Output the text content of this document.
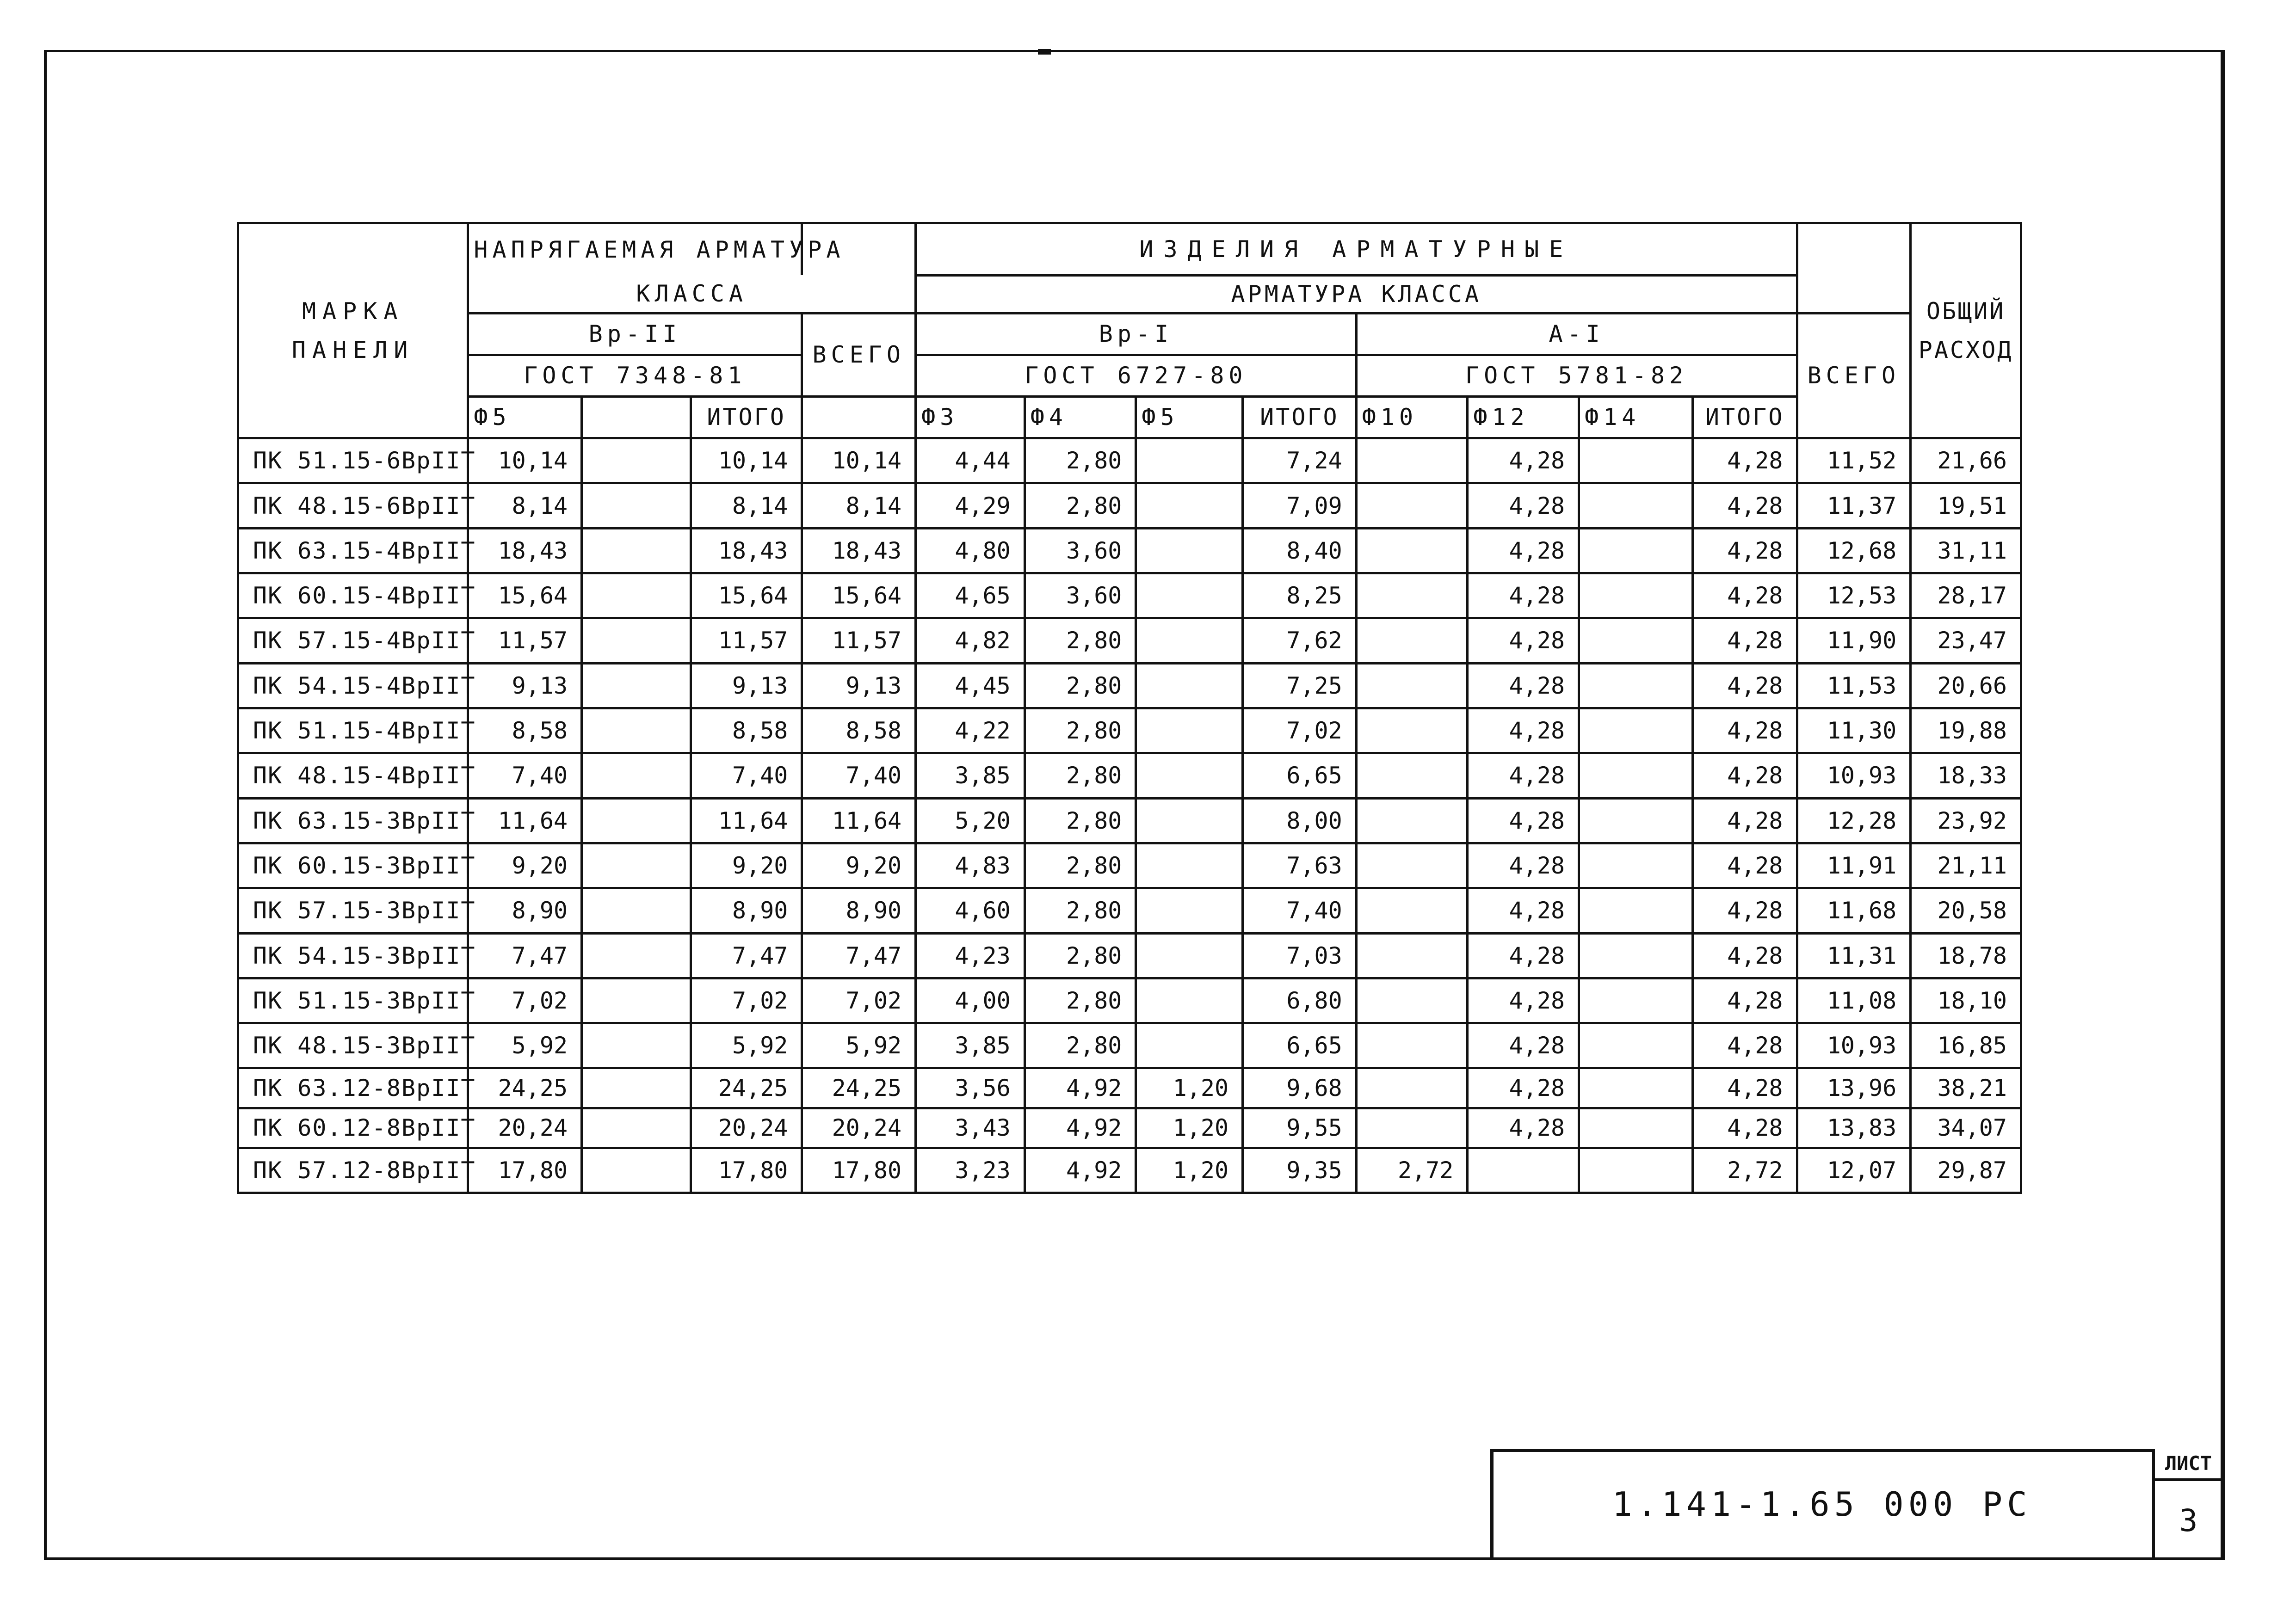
МАРКА ПАНЕЛИ	НАПРЯГАЕМАЯ АРМАТУРА				ИЗДЕЛИЯ АРМАТУРНЫЕ									ОБЩИЙ РАСХОД
	КЛАССА				АРМАТУРА КЛАССА									
	Вр-II			ВСЕГО	Вр-I				А-I				ВСЕГО	
	ГОСТ 7348-81				ГОСТ 6727-80				ГОСТ 5781-82					
	Ф5		ИТОГО		Ф3	Ф4	Ф5	ИТОГО	Ф10	Ф12	Ф14	ИТОГО		
ПК 51.15-6ВрIIТ	10,14		10,14	10,14	4,44	2,80		7,24		4,28		4,28	11,52	21,66
ПК 48.15-6ВрIIТ	8,14		8,14	8,14	4,29	2,80		7,09		4,28		4,28	11,37	19,51
ПК 63.15-4ВрIIТ	18,43		18,43	18,43	4,80	3,60		8,40		4,28		4,28	12,68	31,11
ПК 60.15-4ВрIIТ	15,64		15,64	15,64	4,65	3,60		8,25		4,28		4,28	12,53	28,17
ПК 57.15-4ВрIIТ	11,57		11,57	11,57	4,82	2,80		7,62		4,28		4,28	11,90	23,47
ПК 54.15-4ВрIIТ	9,13		9,13	9,13	4,45	2,80		7,25		4,28		4,28	11,53	20,66
ПК 51.15-4ВрIIТ	8,58		8,58	8,58	4,22	2,80		7,02		4,28		4,28	11,30	19,88
ПК 48.15-4ВрIIТ	7,40		7,40	7,40	3,85	2,80		6,65		4,28		4,28	10,93	18,33
ПК 63.15-3ВрIIТ	11,64		11,64	11,64	5,20	2,80		8,00		4,28		4,28	12,28	23,92
ПК 60.15-3ВрIIТ	9,20		9,20	9,20	4,83	2,80		7,63		4,28		4,28	11,91	21,11
ПК 57.15-3ВрIIТ	8,90		8,90	8,90	4,60	2,80		7,40		4,28		4,28	11,68	20,58
ПК 54.15-3ВрIIТ	7,47		7,47	7,47	4,23	2,80		7,03		4,28		4,28	11,31	18,78
ПК 51.15-3ВрIIТ	7,02		7,02	7,02	4,00	2,80		6,80		4,28		4,28	11,08	18,10
ПК 48.15-3ВрIIТ	5,92		5,92	5,92	3,85	2,80		6,65		4,28		4,28	10,93	16,85
ПК 63.12-8ВрIIТ	24,25		24,25	24,25	3,56	4,92	1,20	9,68		4,28		4,28	13,96	38,21
ПК 60.12-8ВрIIТ	20,24		20,24	20,24	3,43	4,92	1,20	9,55		4,28		4,28	13,83	34,07
ПК 57.12-8ВрIIТ	17,80		17,80	17,80	3,23	4,92	1,20	9,35	2,72			2,72	12,07	29,87
1.141-1.65 000 РС
ЛИСТ
3
